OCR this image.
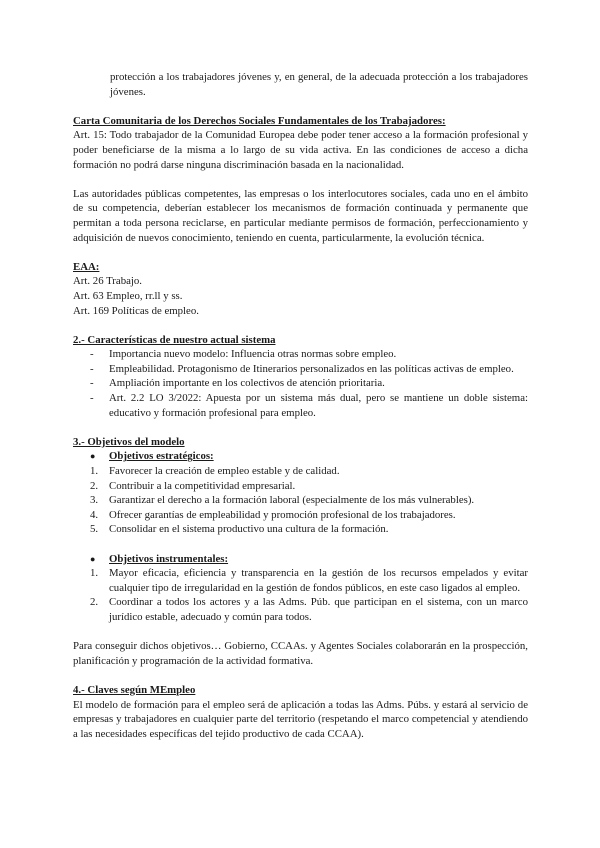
protección a los trabajadores jóvenes y, en general, de la adecuada protección a los trabajadores jóvenes.

Carta Comunitaria de los Derechos Sociales Fundamentales de los Trabajadores:

Art. 15: Todo trabajador de la Comunidad Europea debe poder tener acceso a la formación profesional y poder beneficiarse de la misma a lo largo de su vida activa. En las condiciones de acceso a dicha formación no podrá darse ninguna discriminación basada en la nacionalidad.

Las autoridades públicas competentes, las empresas o los interlocutores sociales, cada uno en el ámbito de su competencia, deberían establecer los mecanismos de formación continuada y permanente que permitan a toda persona reciclarse, en particular mediante permisos de formación, perfeccionamiento y adquisición de nuevos conocimiento, teniendo en cuenta, particularmente, la evolución técnica.

EAA:

Art. 26 Trabajo.

Art. 63 Empleo, rr.ll y ss.

Art. 169 Políticas de empleo.

2.- Características de nuestro actual sistema

- Importancia nuevo modelo: Influencia otras normas sobre empleo.
- Empleabilidad. Protagonismo de Itinerarios personalizados en las políticas activas de empleo.
- Ampliación importante en los colectivos de atención prioritaria.
- Art. 2.2 LO 3/2022: Apuesta por un sistema más dual, pero se mantiene un doble sistema: educativo y formación profesional para empleo.

3.- Objetivos del modelo

● Objetivos estratégicos:
1. Favorecer la creación de empleo estable y de calidad.
2. Contribuir a la competitividad empresarial.
3. Garantizar el derecho a la formación laboral (especialmente de los más vulnerables).
4. Ofrecer garantías de empleabilidad y promoción profesional de los trabajadores.
5. Consolidar en el sistema productivo una cultura de la formación.
● Objetivos instrumentales:
1. Mayor eficacia, eficiencia y transparencia en la gestión de los recursos empelados y evitar cualquier tipo de irregularidad en la gestión de fondos públicos, en este caso ligados al empleo.
2. Coordinar a todos los actores y a las Adms. Púb. que participan en el sistema, con un marco jurídico estable, adecuado y común para todos.

Para conseguir dichos objetivos… Gobierno, CCAAs. y Agentes Sociales colaborarán en la prospección, planificación y programación de la actividad formativa.

4.- Claves según MEmpleo

El modelo de formación para el empleo será de aplicación a todas las Adms. Púbs. y estará al servicio de empresas y trabajadores en cualquier parte del territorio (respetando el marco competencial y atendiendo a las necesidades específicas del tejido productivo de cada CCAA).
